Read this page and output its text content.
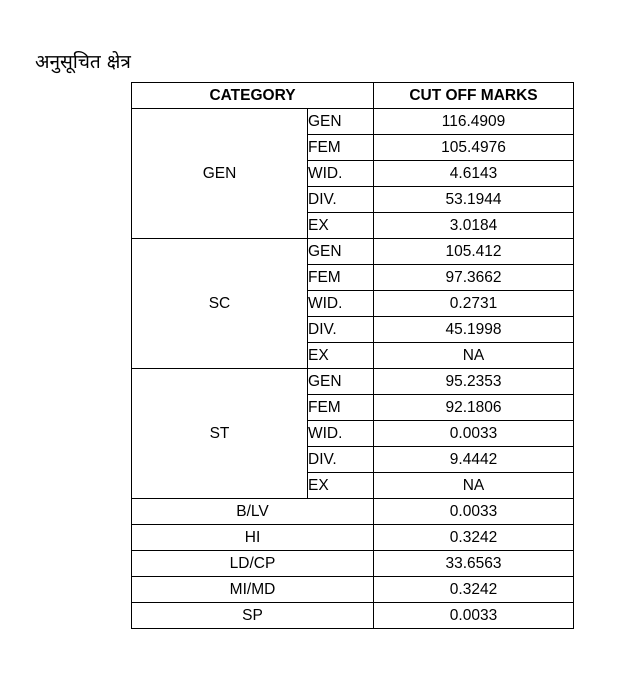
अनुसूचित क्षेत्र
CATEGORY		CUT OFF MARKS
GEN	GEN	116.4909
	FEM	105.4976
	WID.	4.6143
	DIV.	53.1944
	EX	3.0184
SC	GEN	105.412
	FEM	97.3662
	WID.	0.2731
	DIV.	45.1998
	EX	NA
ST	GEN	95.2353
	FEM	92.1806
	WID.	0.0033
	DIV.	9.4442
	EX	NA
B/LV		0.0033
HI		0.3242
LD/CP		33.6563
MI/MD		0.3242
SP		0.0033
